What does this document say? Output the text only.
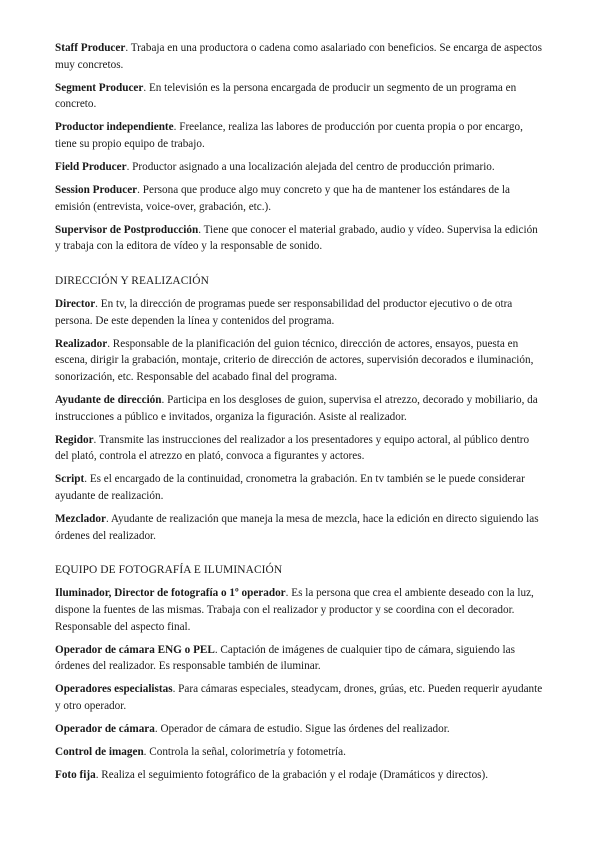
Staff Producer. Trabaja en una productora o cadena como asalariado con beneficios. Se encarga de aspectos muy concretos.

Segment Producer. En televisión es la persona encargada de producir un segmento de un programa en concreto.

Productor independiente. Freelance, realiza las labores de producción por cuenta propia o por encargo, tiene su propio equipo de trabajo.

Field Producer. Productor asignado a una localización alejada del centro de producción primario.

Session Producer. Persona que produce algo muy concreto y que ha de mantener los estándares de la emisión (entrevista, voice-over, grabación, etc.).

Supervisor de Postproducción. Tiene que conocer el material grabado, audio y vídeo. Supervisa la edición y trabaja con la editora de vídeo y la responsable de sonido.

DIRECCIÓN Y REALIZACIÓN

Director. En tv, la dirección de programas puede ser responsabilidad del productor ejecutivo o de otra persona. De este dependen la línea y contenidos del programa.

Realizador. Responsable de la planificación del guion técnico, dirección de actores, ensayos, puesta en escena, dirigir la grabación, montaje, criterio de dirección de actores, supervisión decorados e iluminación, sonorización, etc. Responsable del acabado final del programa.

Ayudante de dirección. Participa en los desgloses de guion, supervisa el atrezzo, decorado y mobiliario, da instrucciones a público e invitados, organiza la figuración. Asiste al realizador.

Regidor. Transmite las instrucciones del realizador a los presentadores y equipo actoral, al público dentro del plató, controla el atrezzo en plató, convoca a figurantes y actores.

Script. Es el encargado de la continuidad, cronometra la grabación. En tv también se le puede considerar ayudante de realización.

Mezclador. Ayudante de realización que maneja la mesa de mezcla, hace la edición en directo siguiendo las órdenes del realizador.

EQUIPO DE FOTOGRAFÍA E ILUMINACIÓN

Iluminador, Director de fotografía o 1º operador. Es la persona que crea el ambiente deseado con la luz, dispone la fuentes de las mismas. Trabaja con el realizador y productor y se coordina con el decorador. Responsable del aspecto final.

Operador de cámara ENG o PEL. Captación de imágenes de cualquier tipo de cámara, siguiendo las órdenes del realizador. Es responsable también de iluminar.

Operadores especialistas. Para cámaras especiales, steadycam, drones, grúas, etc. Pueden requerir ayudante y otro operador.

Operador de cámara. Operador de cámara de estudio. Sigue las órdenes del realizador.

Control de imagen. Controla la señal, colorimetría y fotometría.

Foto fija. Realiza el seguimiento fotográfico de la grabación y el rodaje (Dramáticos y directos).
